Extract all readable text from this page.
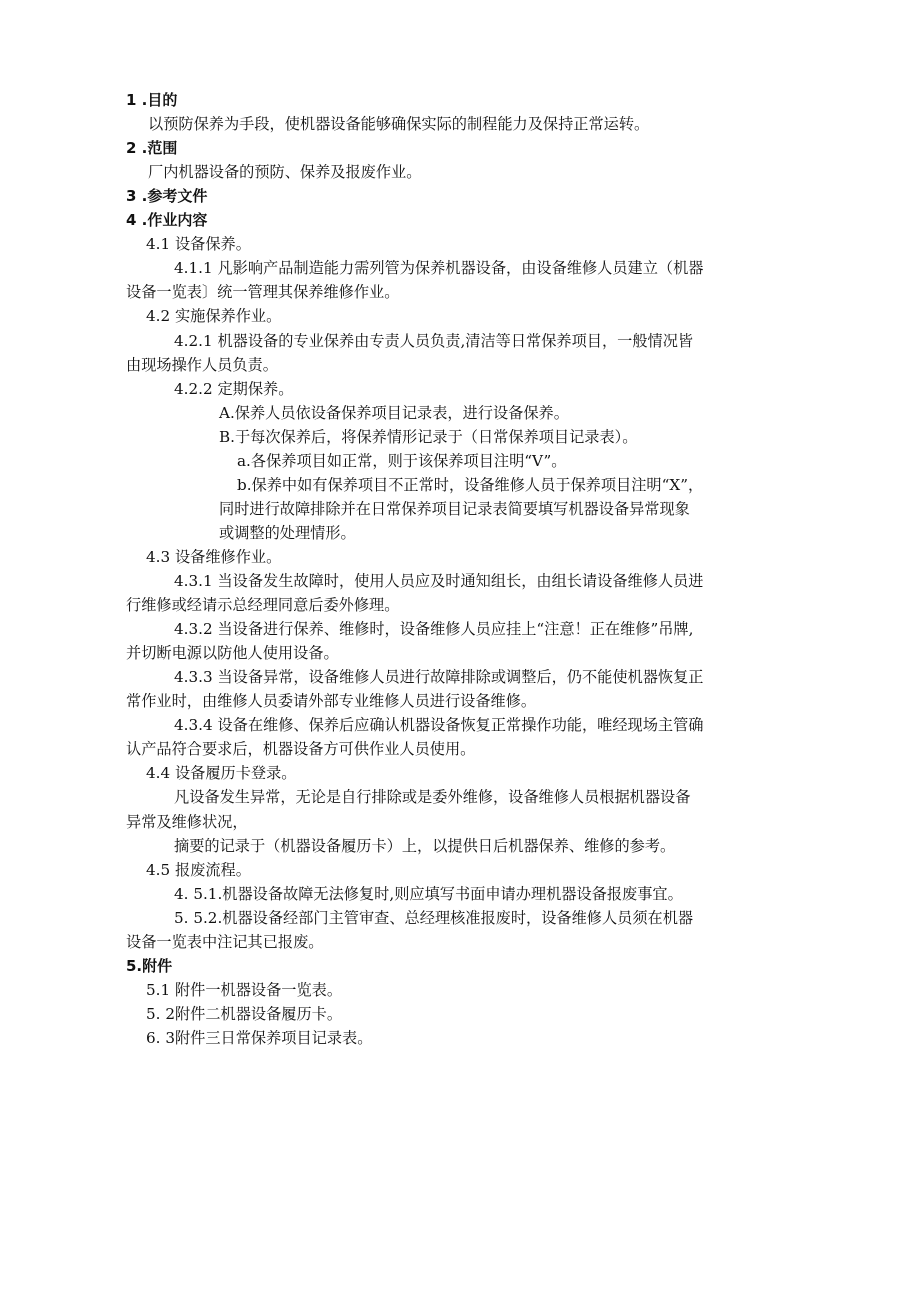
1 .目的
以预防保养为手段，使机器设备能够确保实际的制程能力及保持正常运转。
2 .范围
厂内机器设备的预防、保养及报废作业。
3 .参考文件
4 .作业内容
4.1 设备保养。
4.1.1 凡影响产品制造能力需列管为保养机器设备，由设备维修人员建立（机器
设备一览表〕统一管理其保养维修作业。
4.2 实施保养作业。
4.2.1 机器设备的专业保养由专责人员负责,清洁等日常保养项目，一般情况皆
由现场操作人员负责。
4.2.2 定期保养。
A.保养人员依设备保养项目记录表，进行设备保养。
B.于每次保养后，将保养情形记录于（日常保养项目记录表）。
a.各保养项目如正常，则于该保养项目注明“V”。
b.保养中如有保养项目不正常时，设备维修人员于保养项目注明“X”，
同时进行故障排除并在日常保养项目记录表简要填写机器设备异常现象
或调整的处理情形。
4.3 设备维修作业。
4.3.1 当设备发生故障时，使用人员应及时通知组长，由组长请设备维修人员进
行维修或经请示总经理同意后委外修理。
4.3.2 当设备进行保养、维修时，设备维修人员应挂上“注意！正在维修”吊牌,
并切断电源以防他人使用设备。
4.3.3 当设备异常，设备维修人员进行故障排除或调整后，仍不能使机器恢复正
常作业时，由维修人员委请外部专业维修人员进行设备维修。
4.3.4 设备在维修、保养后应确认机器设备恢复正常操作功能，唯经现场主管确
认产品符合要求后，机器设备方可供作业人员使用。
4.4 设备履历卡登录。
凡设备发生异常，无论是自行排除或是委外维修，设备维修人员根据机器设备
异常及维修状况，
摘要的记录于（机器设备履历卡）上，以提供日后机器保养、维修的参考。
4.5 报废流程。
4. 5.1.机器设备故障无法修复时,则应填写书面申请办理机器设备报废事宜。
5. 5.2.机器设备经部门主管审查、总经理核准报废时，设备维修人员须在机器
设备一览表中注记其已报废。
5.附件
5.1 附件一机器设备一览表。
5. 2附件二机器设备履历卡。
6. 3附件三日常保养项目记录表。
